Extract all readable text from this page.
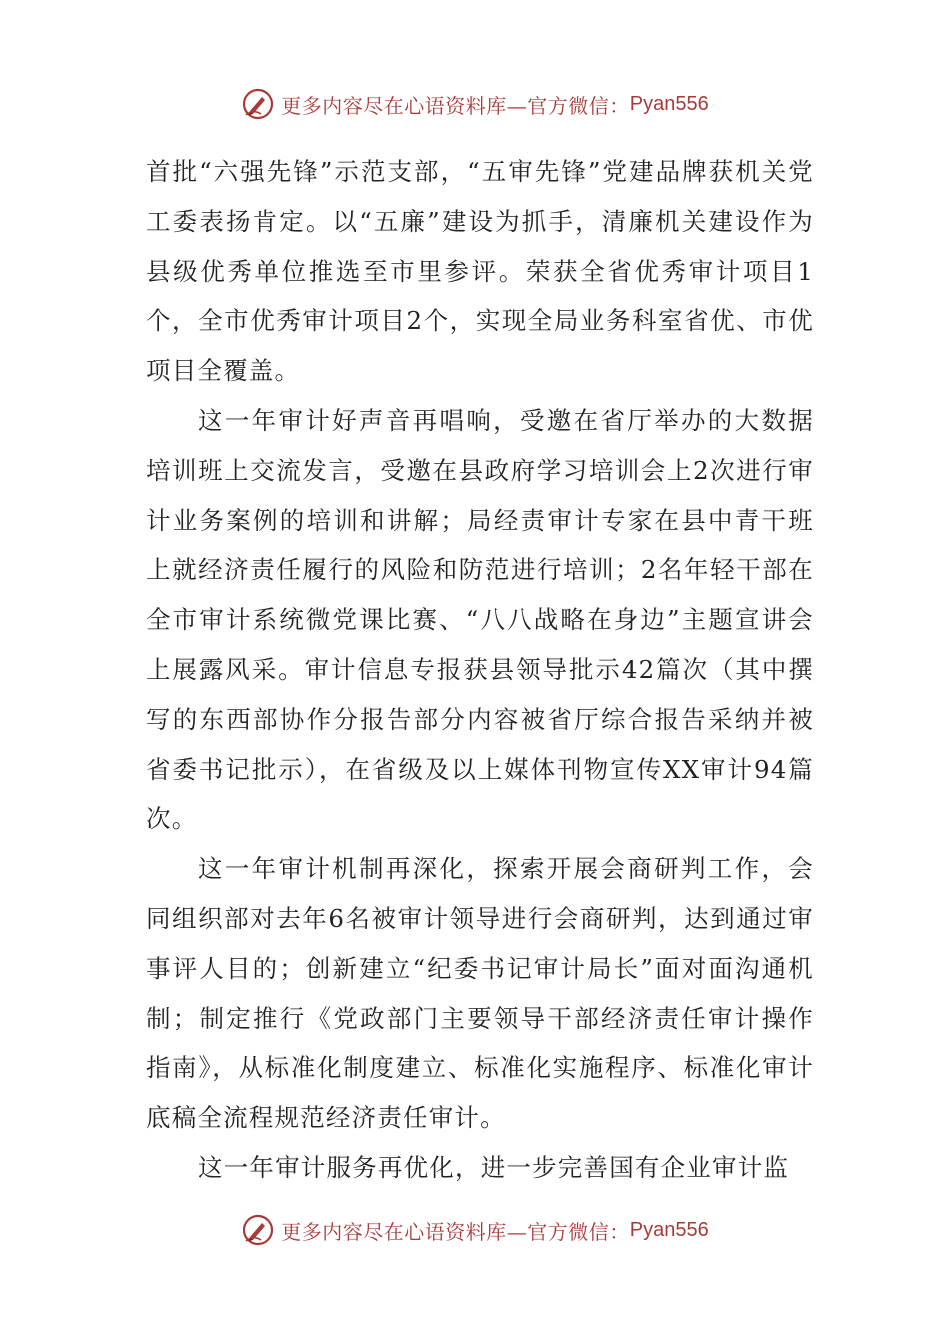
更多内容尽在心语资料库—官方微信： Pyan556

首批“六强先锋”示范支部，“五审先锋”党建品牌获机关党工委表扬肯定。以“五廉”建设为抓手，清廉机关建设作为县级优秀单位推选至市里参评。荣获全省优秀审计项目1个，全市优秀审计项目2个，实现全局业务科室省优、市优项目全覆盖。

这一年审计好声音再唱响，受邀在省厅举办的大数据培训班上交流发言，受邀在县政府学习培训会上2次进行审计业务案例的培训和讲解；局经责审计专家在县中青干班上就经济责任履行的风险和防范进行培训；2名年轻干部在全市审计系统微党课比赛、“八八战略在身边”主题宣讲会上展露风采。审计信息专报获县领导批示42篇次（其中撰写的东西部协作分报告部分内容被省厅综合报告采纳并被省委书记批示），在省级及以上媒体刊物宣传XX审计94篇次。

这一年审计机制再深化，探索开展会商研判工作，会同组织部对去年6名被审计领导进行会商研判，达到通过审事评人目的；创新建立“纪委书记审计局长”面对面沟通机制；制定推行《党政部门主要领导干部经济责任审计操作指南》，从标准化制度建立、标准化实施程序、标准化审计底稿全流程规范经济责任审计。

这一年审计服务再优化，进一步完善国有企业审计监

更多内容尽在心语资料库—官方微信： Pyan556
